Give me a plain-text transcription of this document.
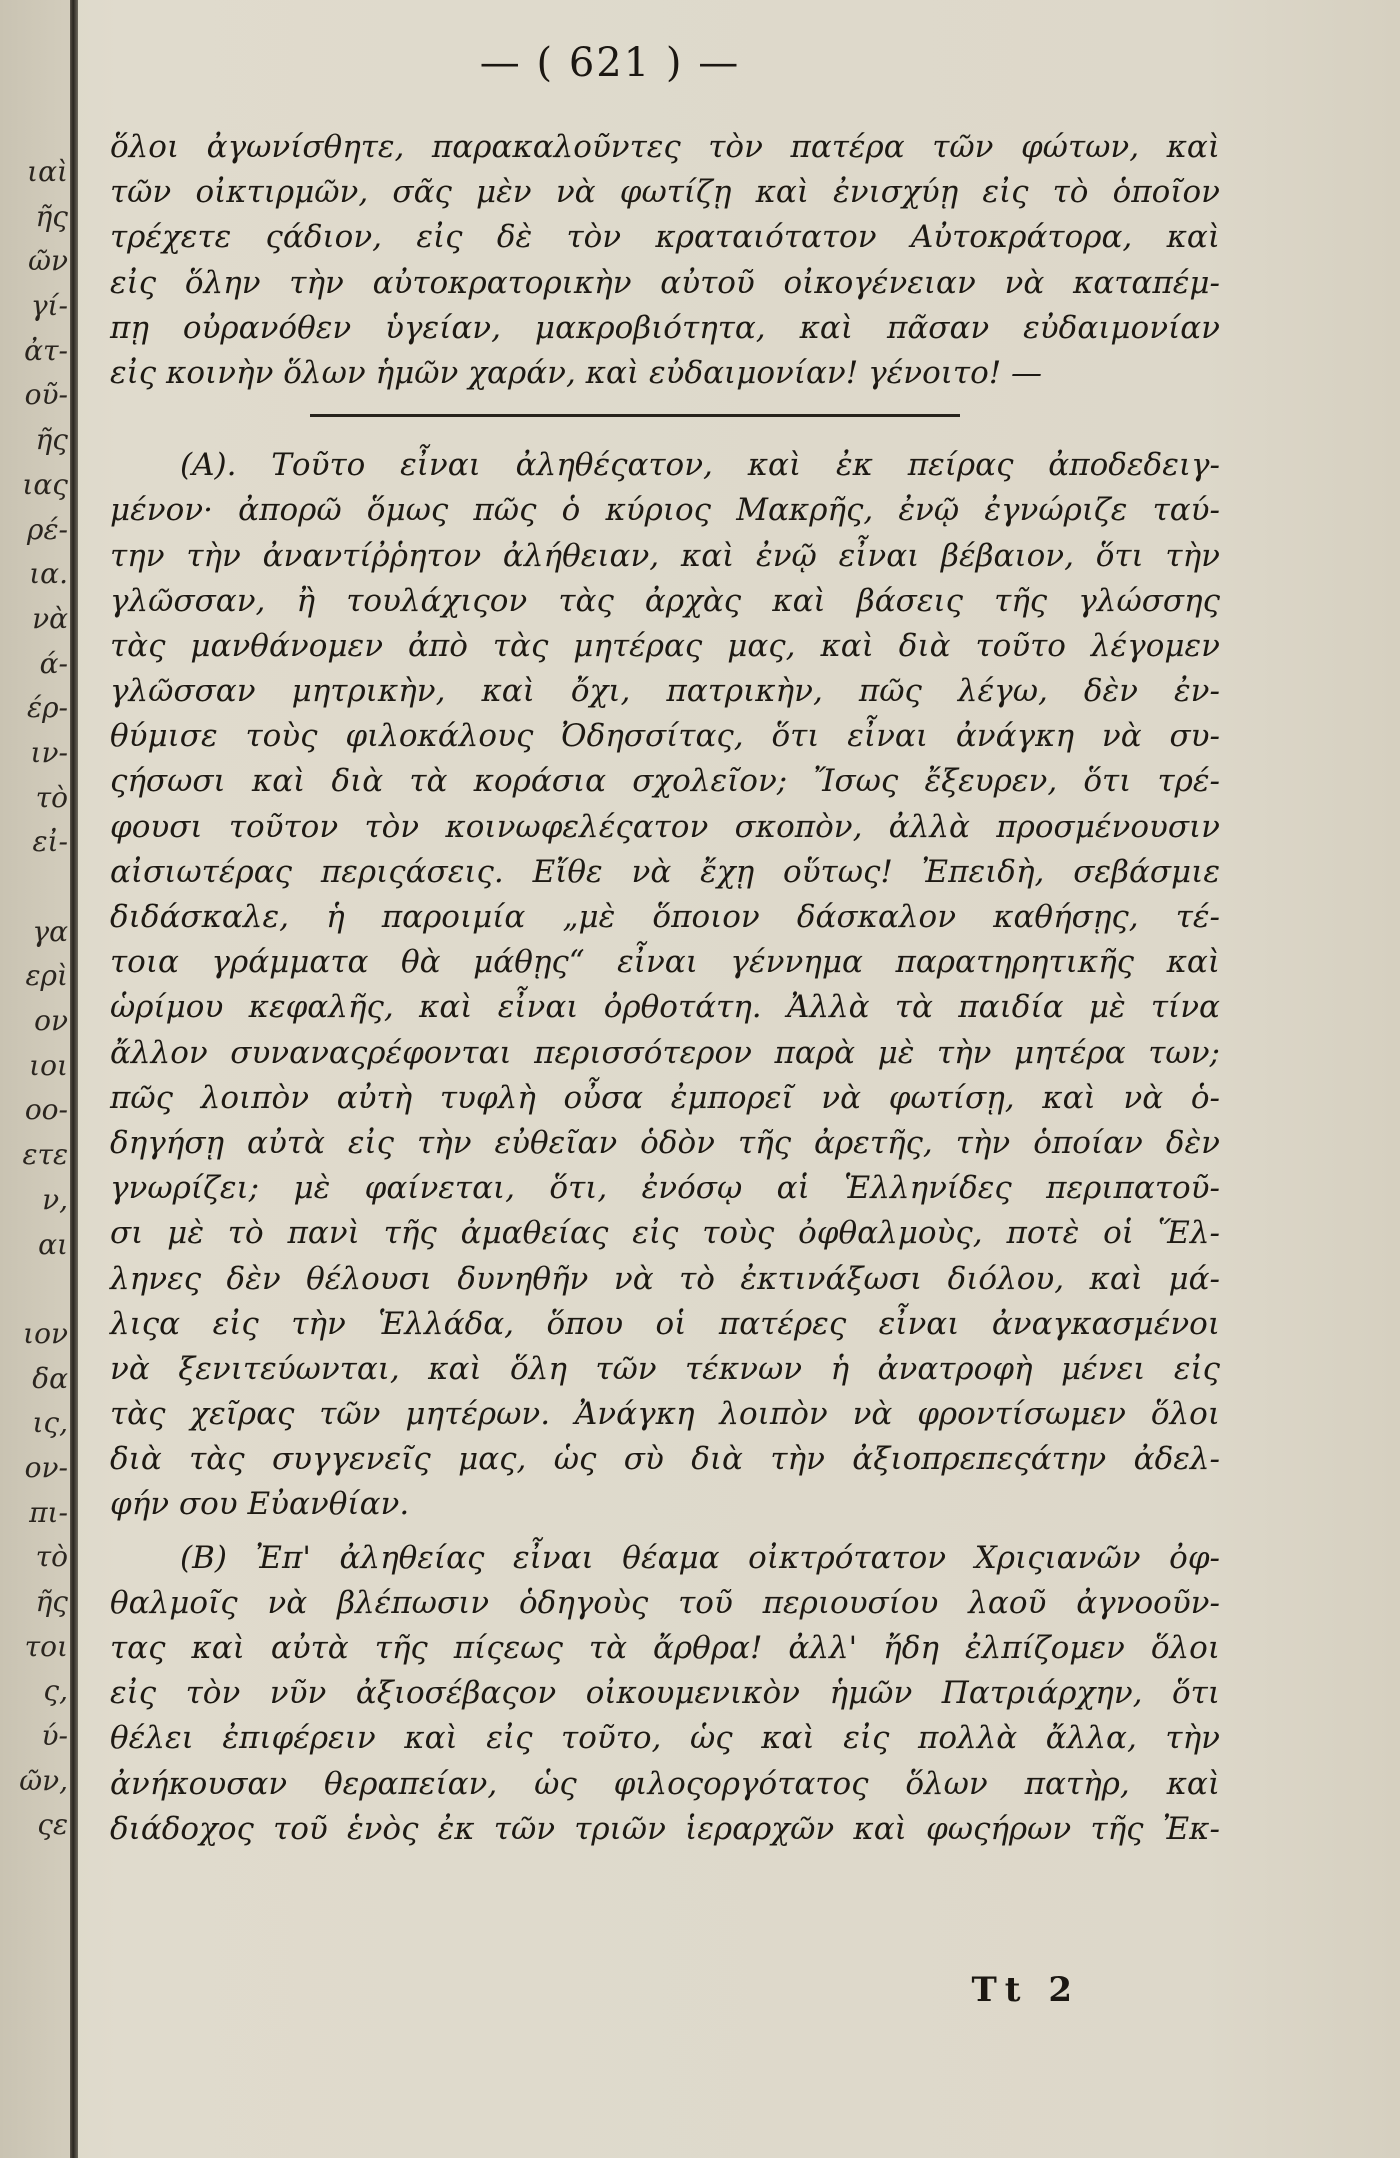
ιαὶ
ῆς
ῶν
γί-
ἀτ-
οῦ-
ῆς
ιας
ρέ-
ια.
νὰ
ά-
έρ-
ιν-
τὸ
εἰ-
γα
ερὶ
ον
ιοι
οο-
ετε
ν,
αι
ιον
δα
ις,
ον-
πι-
τὸ
ῆς
τοι
ς,
ύ-
ῶν,
ςε
— ( 621 ) —
ὅλοι ἀγωνίσθητε, παρακαλοῦντες τὸν πατέρα τῶν φώτων, καὶ
τῶν οἰκτιρμῶν, σᾶς μὲν νὰ φωτίζῃ καὶ ἐνισχύῃ εἰς τὸ ὁποῖον
τρέχετε ςάδιον, εἰς δὲ τὸν κραταιότατον Αὐτοκράτορα, καὶ
εἰς ὅλην τὴν αὐτοκρατορικὴν αὐτοῦ οἰκογένειαν νὰ καταπέμ-
πῃ οὐρανόθεν ὑγείαν, μακροβιότητα, καὶ πᾶσαν εὐδαιμονίαν
εἰς κοινὴν ὅλων ἡμῶν χαράν, καὶ εὐδαιμονίαν! γένοιτο! —
(Α). Τοῦτο εἶναι ἀληθέςατον, καὶ ἐκ πείρας ἀποδεδειγ-
μένον· ἀπορῶ ὅμως πῶς ὁ κύριος Μακρῆς, ἐνῷ ἐγνώριζε ταύ-
την τὴν ἀναντίῤῥητον ἀλήθειαν, καὶ ἐνῷ εἶναι βέβαιον, ὅτι τὴν
γλῶσσαν, ἢ τουλάχιςον τὰς ἀρχὰς καὶ βάσεις τῆς γλώσσης
τὰς μανθάνομεν ἀπὸ τὰς μητέρας μας, καὶ διὰ τοῦτο λέγομεν
γλῶσσαν μητρικὴν, καὶ ὄχι, πατρικὴν, πῶς λέγω, δὲν ἐν-
θύμισε τοὺς φιλοκάλους Ὀδησσίτας, ὅτι εἶναι ἀνάγκη νὰ συ-
ςήσωσι καὶ διὰ τὰ κοράσια σχολεῖον; Ἴσως ἔξευρεν, ὅτι τρέ-
φουσι τοῦτον τὸν κοινωφελέςατον σκοπὸν, ἀλλὰ προσμένουσιν
αἰσιωτέρας περιςάσεις. Εἴθε νὰ ἔχῃ οὕτως! Ἐπειδὴ, σεβάσμιε
διδάσκαλε, ἡ παροιμία „μὲ ὅποιον δάσκαλον καθήσῃς, τέ-
τοια γράμματα θὰ μάθῃς“ εἶναι γέννημα παρατηρητικῆς καὶ
ὡρίμου κεφαλῆς, καὶ εἶναι ὀρθοτάτη. Ἀλλὰ τὰ παιδία μὲ τίνα
ἄλλον συναναςρέφονται περισσότερον παρὰ μὲ τὴν μητέρα των;
πῶς λοιπὸν αὐτὴ τυφλὴ οὖσα ἐμπορεῖ νὰ φωτίσῃ, καὶ νὰ ὁ-
δηγήσῃ αὐτὰ εἰς τὴν εὐθεῖαν ὁδὸν τῆς ἀρετῆς, τὴν ὁποίαν δὲν
γνωρίζει; μὲ φαίνεται, ὅτι, ἐνόσῳ αἱ Ἑλληνίδες περιπατοῦ-
σι μὲ τὸ πανὶ τῆς ἀμαθείας εἰς τοὺς ὀφθαλμοὺς, ποτὲ οἱ Ἕλ-
ληνες δὲν θέλουσι δυνηθῆν νὰ τὸ ἐκτινάξωσι διόλου, καὶ μά-
λιςα εἰς τὴν Ἑλλάδα, ὅπου οἱ πατέρες εἶναι ἀναγκασμένοι
νὰ ξενιτεύωνται, καὶ ὅλη τῶν τέκνων ἡ ἀνατροφὴ μένει εἰς
τὰς χεῖρας τῶν μητέρων. Ἀνάγκη λοιπὸν νὰ φροντίσωμεν ὅλοι
διὰ τὰς συγγενεῖς μας, ὡς σὺ διὰ τὴν ἀξιοπρεπεςάτην ἀδελ-
φήν σου Εὐανθίαν.
(Β) Ἐπ' ἀληθείας εἶναι θέαμα οἰκτρότατον Χριςιανῶν ὀφ-
θαλμοῖς νὰ βλέπωσιν ὁδηγοὺς τοῦ περιουσίου λαοῦ ἀγνοοῦν-
τας καὶ αὐτὰ τῆς πίςεως τὰ ἄρθρα! ἀλλ' ἤδη ἐλπίζομεν ὅλοι
εἰς τὸν νῦν ἀξιοσέβαςον οἰκουμενικὸν ἡμῶν Πατριάρχην, ὅτι
θέλει ἐπιφέρειν καὶ εἰς τοῦτο, ὡς καὶ εἰς πολλὰ ἄλλα, τὴν
ἀνήκουσαν θεραπείαν, ὡς φιλοςοργότατος ὅλων πατὴρ, καὶ
διάδοχος τοῦ ἑνὸς ἐκ τῶν τριῶν ἱεραρχῶν καὶ φωςήρων τῆς Ἐκ-
Tt 2
